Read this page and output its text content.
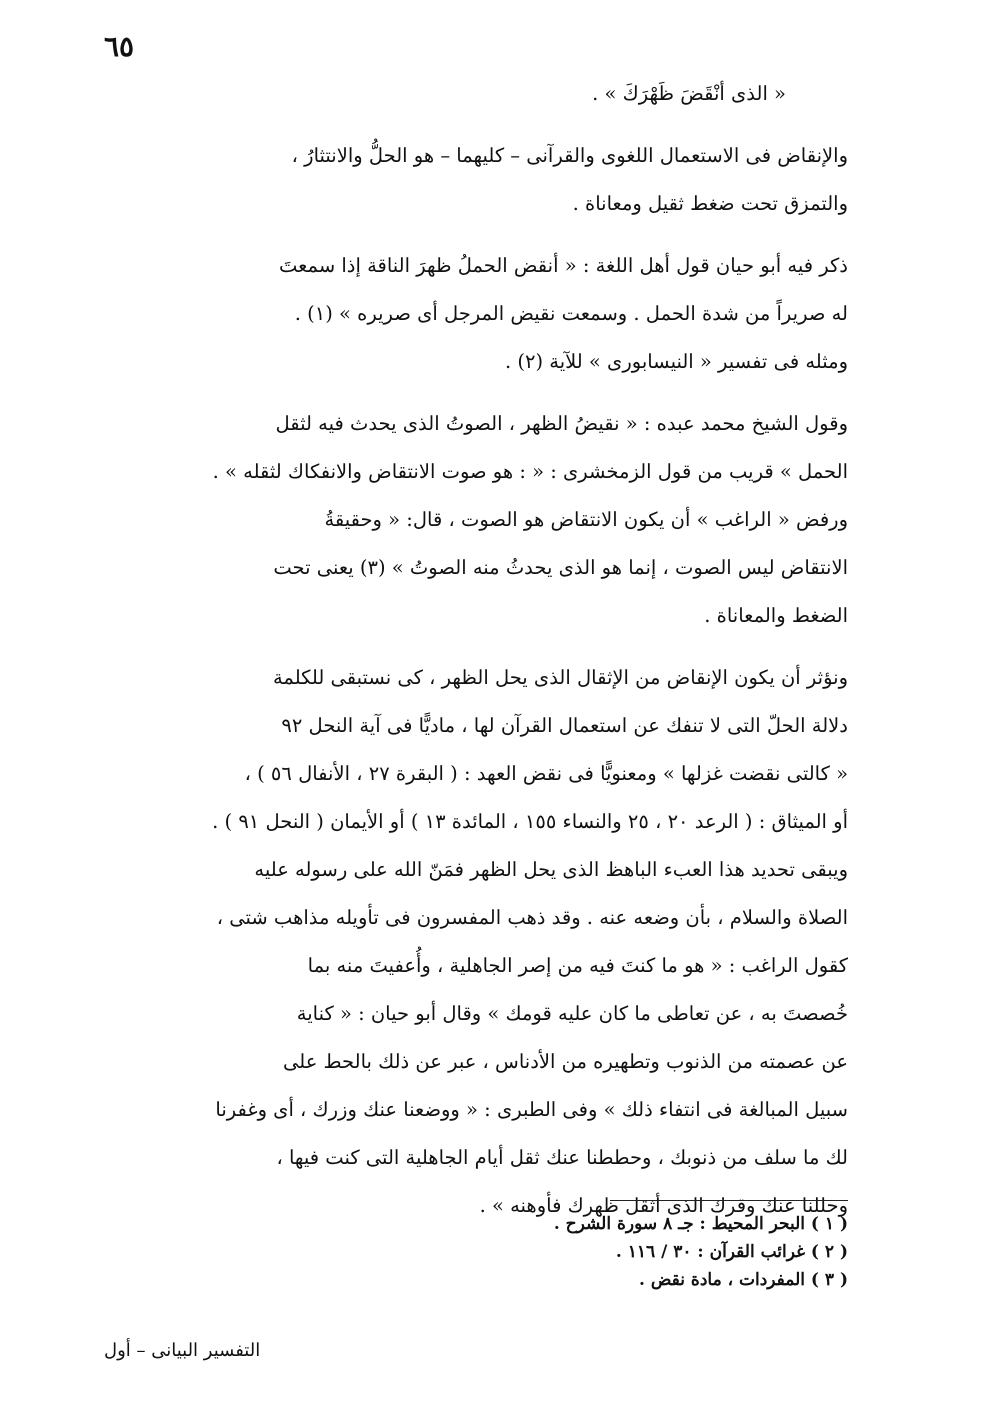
٦٥
« الذى أنْقَضَ ظَهْرَكَ » .
والإنقاض فى الاستعمال اللغوى والقرآنى – كليهما – هو الحلُّ والانتثارُ ،
والتمزق تحت ضغط ثقيل ومعاناة .
ذكر فيه أبو حيان قول أهل اللغة : « أنقض الحملُ ظهرَ الناقة إذا سمعتَ
له صريراً من شدة الحمل . وسمعت نقيض المرجل أى صريره » (١) .
ومثله فى تفسير « النيسابورى » للآية (٢) .
وقول الشيخ محمد عبده : « نقيضُ الظهر ، الصوتُ الذى يحدث فيه لثقل
الحمل » قريب من قول الزمخشرى : « : هو صوت الانتقاض والانفكاك لثقله » .
ورفض « الراغب » أن يكون الانتقاض هو الصوت ، قال: « وحقيقةُ
الانتقاض ليس الصوت ، إنما هو الذى يحدثُ منه الصوتُ » (٣) يعنى تحت
الضغط والمعاناة .
ونؤثر أن يكون الإنقاض من الإثقال الذى يحل الظهر ، كى نستبقى للكلمة
دلالة الحلّ التى لا تنفك عن استعمال القرآن لها ، ماديًّا فى آية النحل ٩٢
« كالتى نقضت غزلها » ومعنويًّا فى نقض العهد : ( البقرة ٢٧ ، الأنفال ٥٦ ) ،
أو الميثاق : ( الرعد ٢٠ ، ٢٥ والنساء ١٥٥ ، المائدة ١٣ ) أو الأيمان ( النحل ٩١ ) .
ويبقى تحديد هذا العبء الباهظ الذى يحل الظهر فمَنّ الله على رسوله عليه
الصلاة والسلام ، بأن وضعه عنه . وقد ذهب المفسرون فى تأويله مذاهب شتى ،
كقول الراغب : « هو ما كنتَ فيه من إصر الجاهلية ، وأُعفيتَ منه بما
خُصصتَ به ، عن تعاطى ما كان عليه قومك » وقال أبو حيان : « كناية
عن عصمته من الذنوب وتطهيره من الأدناس ، عبر عن ذلك بالحط على
سبيل المبالغة فى انتفاء ذلك » وفى الطبرى : « ووضعنا عنك وزرك ، أى وغفرنا
لك ما سلف من ذنوبك ، وحططنا عنك ثقل أيام الجاهلية التى كنت فيها ،
وحللنا عنك وقرك الذى أثقل ظهرك فأوهنه » .
( ١ ) البحر المحيط : جـ ٨ سورة الشرح .
( ٢ ) غرائب القرآن : ٣٠ / ١١٦ .
( ٣ ) المفردات ، مادة نقض .
التفسير البيانى – أول
